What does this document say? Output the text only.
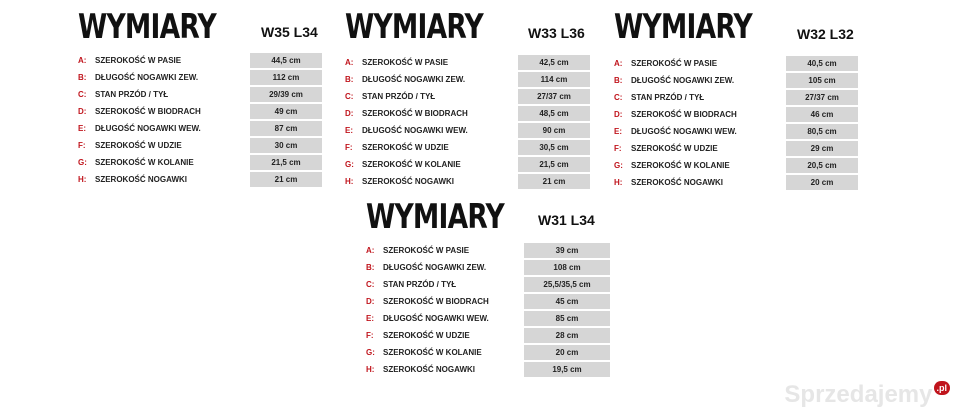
WYMIARY	W35 L34
A: SZEROKOŚĆ W PASIE	44,5 cm
B: DŁUGOŚĆ NOGAWKI ZEW.	112 cm
C: STAN PRZÓD / TYŁ	29/39 cm
D: SZEROKOŚĆ W BIODRACH	49 cm
E: DŁUGOŚĆ NOGAWKI WEW.	87 cm
F: SZEROKOŚĆ W UDZIE	30 cm
G: SZEROKOŚĆ W KOLANIE	21,5 cm
H: SZEROKOŚĆ NOGAWKI	21 cm
WYMIARY	W33 L36
A: SZEROKOŚĆ W PASIE	42,5 cm
B: DŁUGOŚĆ NOGAWKI ZEW.	114 cm
C: STAN PRZÓD / TYŁ	27/37 cm
D: SZEROKOŚĆ W BIODRACH	48,5 cm
E: DŁUGOŚĆ NOGAWKI WEW.	90 cm
F: SZEROKOŚĆ W UDZIE	30,5 cm
G: SZEROKOŚĆ W KOLANIE	21,5 cm
H: SZEROKOŚĆ NOGAWKI	21 cm
WYMIARY	W32 L32
A: SZEROKOŚĆ W PASIE	40,5 cm
B: DŁUGOŚĆ NOGAWKI ZEW.	105 cm
C: STAN PRZÓD / TYŁ	27/37 cm
D: SZEROKOŚĆ W BIODRACH	46 cm
E: DŁUGOŚĆ NOGAWKI WEW.	80,5 cm
F: SZEROKOŚĆ W UDZIE	29 cm
G: SZEROKOŚĆ W KOLANIE	20,5 cm
H: SZEROKOŚĆ NOGAWKI	20 cm
WYMIARY W31 L34
A: SZEROKOŚĆ W PASIE	39 cm
B: DŁUGOŚĆ NOGAWKI ZEW.	108 cm
C: STAN PRZÓD / TYŁ	25,5/35,5 cm
D: SZEROKOŚĆ W BIODRACH	45 cm
E: DŁUGOŚĆ NOGAWKI WEW.	85 cm
F: SZEROKOŚĆ W UDZIE	28 cm
G: SZEROKOŚĆ W KOLANIE	20 cm
H: SZEROKOŚĆ NOGAWKI	19,5 cm
Sprzedajemy .pl
